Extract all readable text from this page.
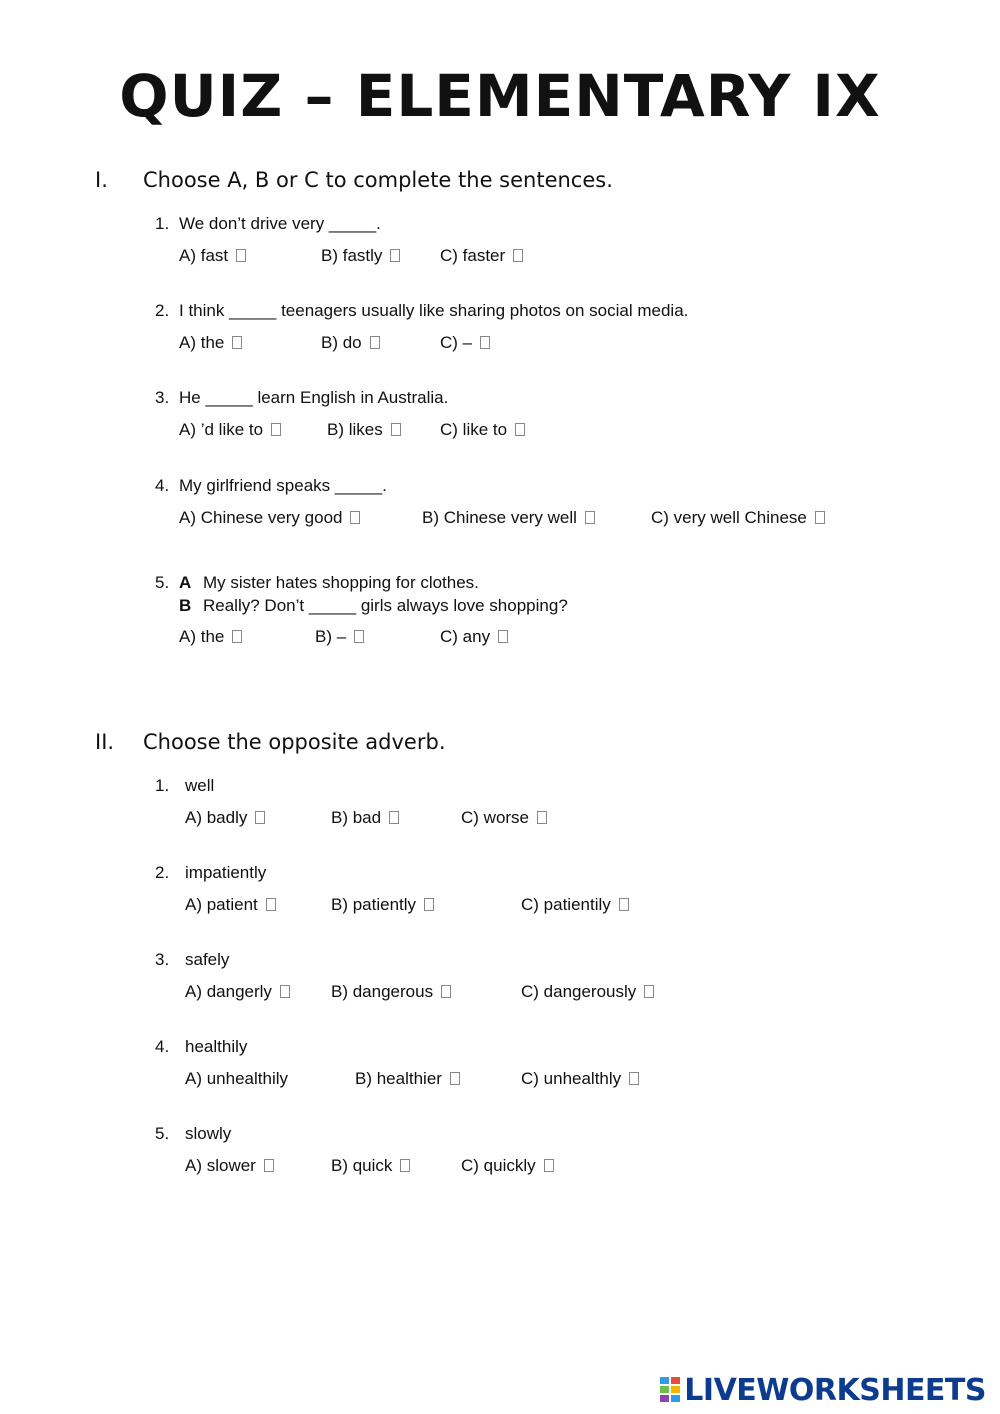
QUIZ – ELEMENTARY IX
I. Choose A, B or C to complete the sentences.
1. We don’t drive very _____.
A) fast	B) fastly	C) faster
2. I think _____ teenagers usually like sharing photos on social media.
A) the	B) do	C) –
3. He _____ learn English in Australia.
A) ’d like to	B) likes	C) like to
4. My girlfriend speaks _____.
A) Chinese very good	B) Chinese very well	C) very well Chinese
5. A My sister hates shopping for clothes.
B Really? Don’t _____ girls always love shopping?
A) the	B) –	C) any
II. Choose the opposite adverb.
1. well
A) badly	B) bad	C) worse
2. impatiently
A) patient	B) patiently	C) patientily
3. safely
A) dangerly	B) dangerous	C) dangerously
4. healthily
A) unhealthily	B) healthier	C) unhealthly
5. slowly
A) slower	B) quick	C) quickly
LIVEWORKSHEETS
